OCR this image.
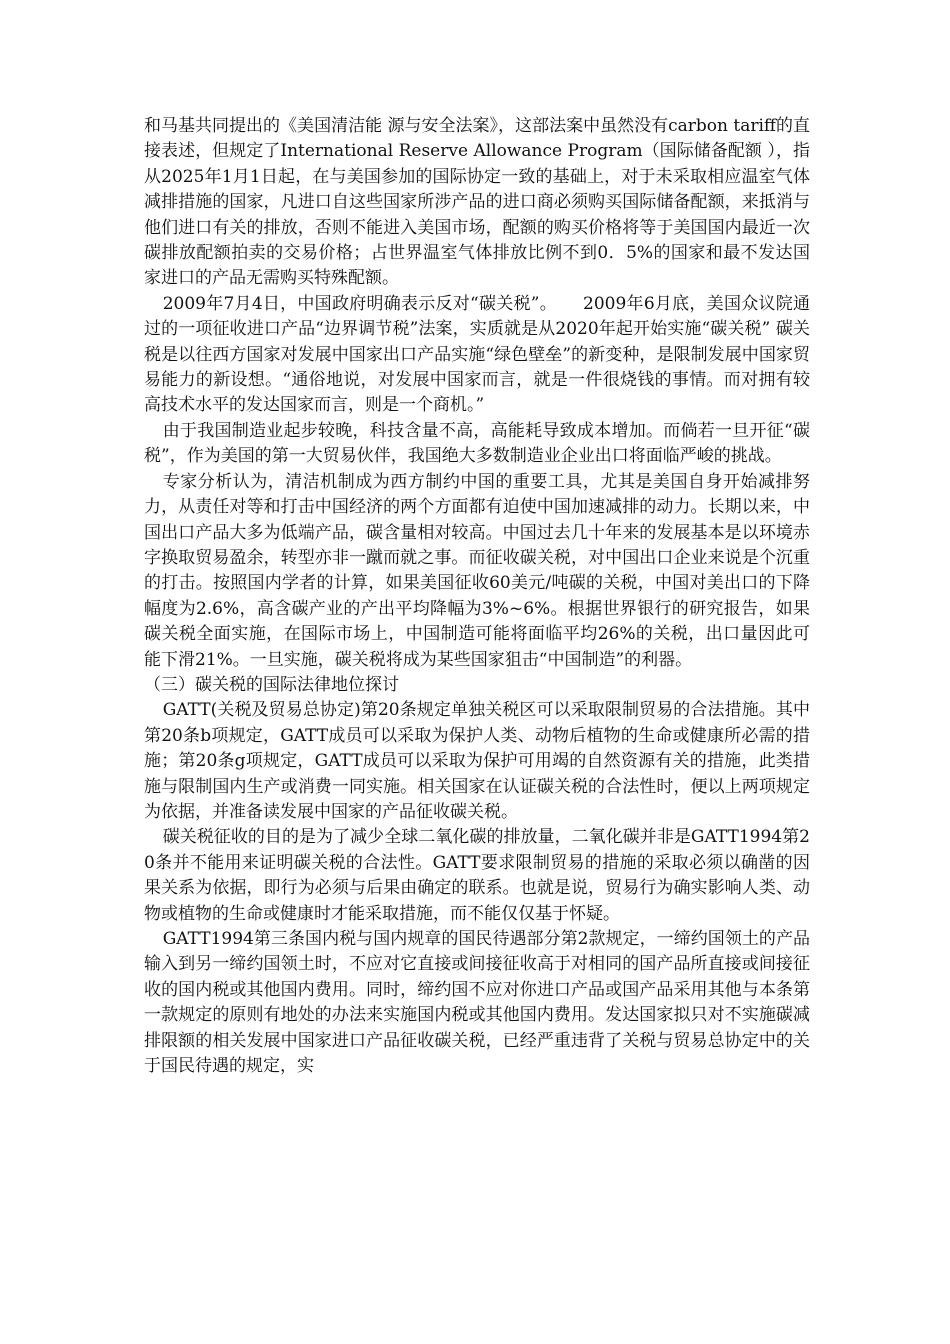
和马基共同提出的《美国清洁能 源与安全法案》，这部法案中虽然没有carbon tariff的直接表述，但规定了International Reserve Allowance Program（国际储备配额 ），指从2025年1月1日起，在与美国参加的国际协定一致的基础上，对于未采取相应温室气体减排措施的国家，凡进口自这些国家所涉产品的进口商必须购买国际储备配额，来抵消与他们进口有关的排放，否则不能进入美国市场，配额的购买价格将等于美国国内最近一次碳排放配额拍卖的交易价格；占世界温室气体排放比例不到0．5%的国家和最不发达国家进口的产品无需购买特殊配额。

2009年7月4日，中国政府明确表示反对“碳关税”。　　2009年6月底，美国众议院通过的一项征收进口产品“边界调节税”法案，实质就是从2020年起开始实施“碳关税” 碳关税是以往西方国家对发展中国家出口产品实施“绿色壁垒”的新变种，是限制发展中国家贸易能力的新设想。“通俗地说，对发展中国家而言，就是一件很烧钱的事情。而对拥有较高技术水平的发达国家而言，则是一个商机。”

由于我国制造业起步较晚，科技含量不高，高能耗导致成本增加。而倘若一旦开征“碳税”，作为美国的第一大贸易伙伴，我国绝大多数制造业企业出口将面临严峻的挑战。

专家分析认为，清洁机制成为西方制约中国的重要工具，尤其是美国自身开始减排努力，从责任对等和打击中国经济的两个方面都有迫使中国加速减排的动力。长期以来，中国出口产品大多为低端产品，碳含量相对较高。中国过去几十年来的发展基本是以环境赤字换取贸易盈余，转型亦非一蹴而就之事。而征收碳关税，对中国出口企业来说是个沉重的打击。按照国内学者的计算，如果美国征收60美元/吨碳的关税，中国对美出口的下降幅度为2.6%，高含碳产业的产出平均降幅为3%~6%。根据世界银行的研究报告，如果碳关税全面实施，在国际市场上，中国制造可能将面临平均26%的关税，出口量因此可能下滑21%。一旦实施，碳关税将成为某些国家狙击“中国制造”的利器。

（三）碳关税的国际法律地位探讨

GATT(关税及贸易总协定)第20条规定单独关税区可以采取限制贸易的合法措施。其中第20条b项规定，GATT成员可以采取为保护人类、动物后植物的生命或健康所必需的措施；第20条g项规定，GATT成员可以采取为保护可用竭的自然资源有关的措施，此类措施与限制国内生产或消费一同实施。相关国家在认证碳关税的合法性时，便以上两项规定为依据，并准备读发展中国家的产品征收碳关税。

碳关税征收的目的是为了减少全球二氧化碳的排放量，二氧化碳并非是GATT1994第20条并不能用来证明碳关税的合法性。GATT要求限制贸易的措施的采取必须以确凿的因果关系为依据，即行为必须与后果由确定的联系。也就是说，贸易行为确实影响人类、动物或植物的生命或健康时才能采取措施，而不能仅仅基于怀疑。

GATT1994第三条国内税与国内规章的国民待遇部分第2款规定，一缔约国领土的产品输入到另一缔约国领土时，不应对它直接或间接征收高于对相同的国产品所直接或间接征收的国内税或其他国内费用。同时，缔约国不应对你进口产品或国产品采用其他与本条第一款规定的原则有地处的办法来实施国内税或其他国内费用。发达国家拟只对不实施碳减排限额的相关发展中国家进口产品征收碳关税，已经严重违背了关税与贸易总协定中的关于国民待遇的规定，实
